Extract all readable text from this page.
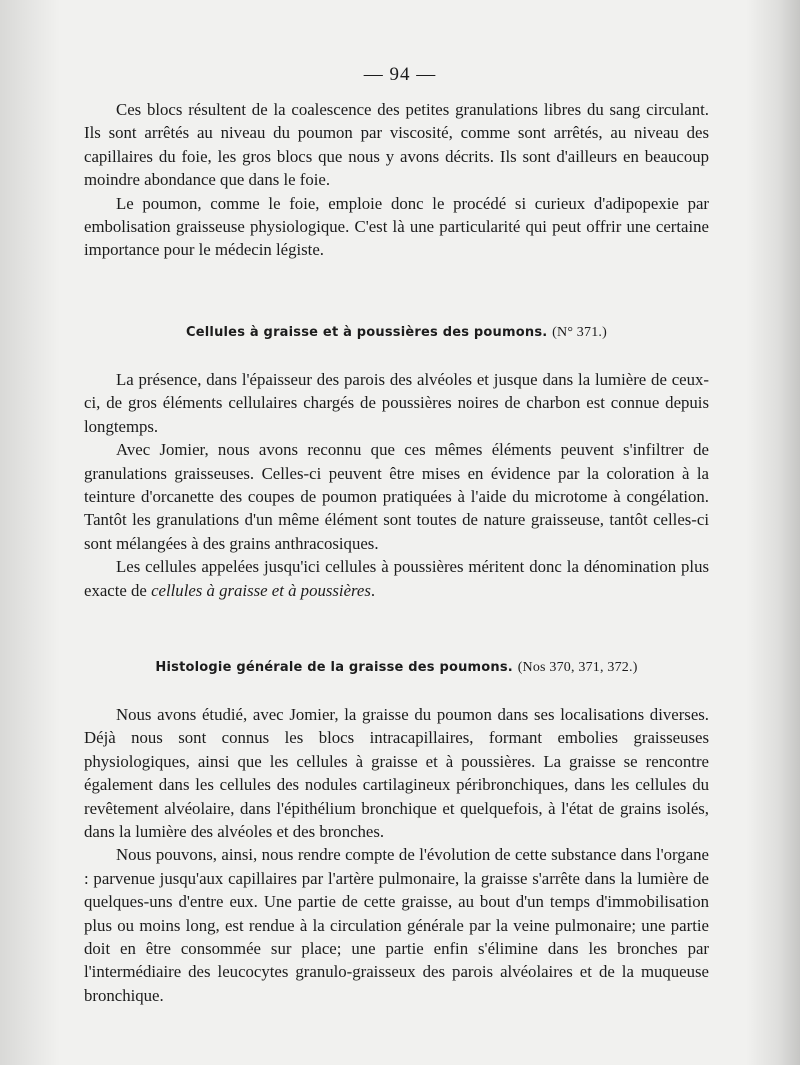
— 94 —

Ces blocs résultent de la coalescence des petites granulations libres du sang circulant. Ils sont arrêtés au niveau du poumon par viscosité, comme sont arrêtés, au niveau des capillaires du foie, les gros blocs que nous y avons décrits. Ils sont d'ailleurs en beaucoup moindre abondance que dans le foie.

Le poumon, comme le foie, emploie donc le procédé si curieux d'adipopexie par embolisation graisseuse physiologique. C'est là une particularité qui peut offrir une certaine importance pour le médecin légiste.

Cellules à graisse et à poussières des poumons. (N° 371.)

La présence, dans l'épaisseur des parois des alvéoles et jusque dans la lumière de ceux-ci, de gros éléments cellulaires chargés de poussières noires de charbon est connue depuis longtemps.

Avec Jomier, nous avons reconnu que ces mêmes éléments peuvent s'infiltrer de granulations graisseuses. Celles-ci peuvent être mises en évidence par la coloration à la teinture d'orcanette des coupes de poumon pratiquées à l'aide du microtome à congélation. Tantôt les granulations d'un même élément sont toutes de nature graisseuse, tantôt celles-ci sont mélangées à des grains anthracosiques.

Les cellules appelées jusqu'ici cellules à poussières méritent donc la dénomination plus exacte de cellules à graisse et à poussières.

Histologie générale de la graisse des poumons. (Nos 370, 371, 372.)

Nous avons étudié, avec Jomier, la graisse du poumon dans ses localisations diverses. Déjà nous sont connus les blocs intracapillaires, formant embolies graisseuses physiologiques, ainsi que les cellules à graisse et à poussières. La graisse se rencontre également dans les cellules des nodules cartilagineux péribronchiques, dans les cellules du revêtement alvéolaire, dans l'épithélium bronchique et quelquefois, à l'état de grains isolés, dans la lumière des alvéoles et des bronches.

Nous pouvons, ainsi, nous rendre compte de l'évolution de cette substance dans l'organe : parvenue jusqu'aux capillaires par l'artère pulmonaire, la graisse s'arrête dans la lumière de quelques-uns d'entre eux. Une partie de cette graisse, au bout d'un temps d'immobilisation plus ou moins long, est rendue à la circulation générale par la veine pulmonaire; une partie doit en être consommée sur place; une partie enfin s'élimine dans les bronches par l'intermédiaire des leucocytes granulo-graisseux des parois alvéolaires et de la muqueuse bronchique.
